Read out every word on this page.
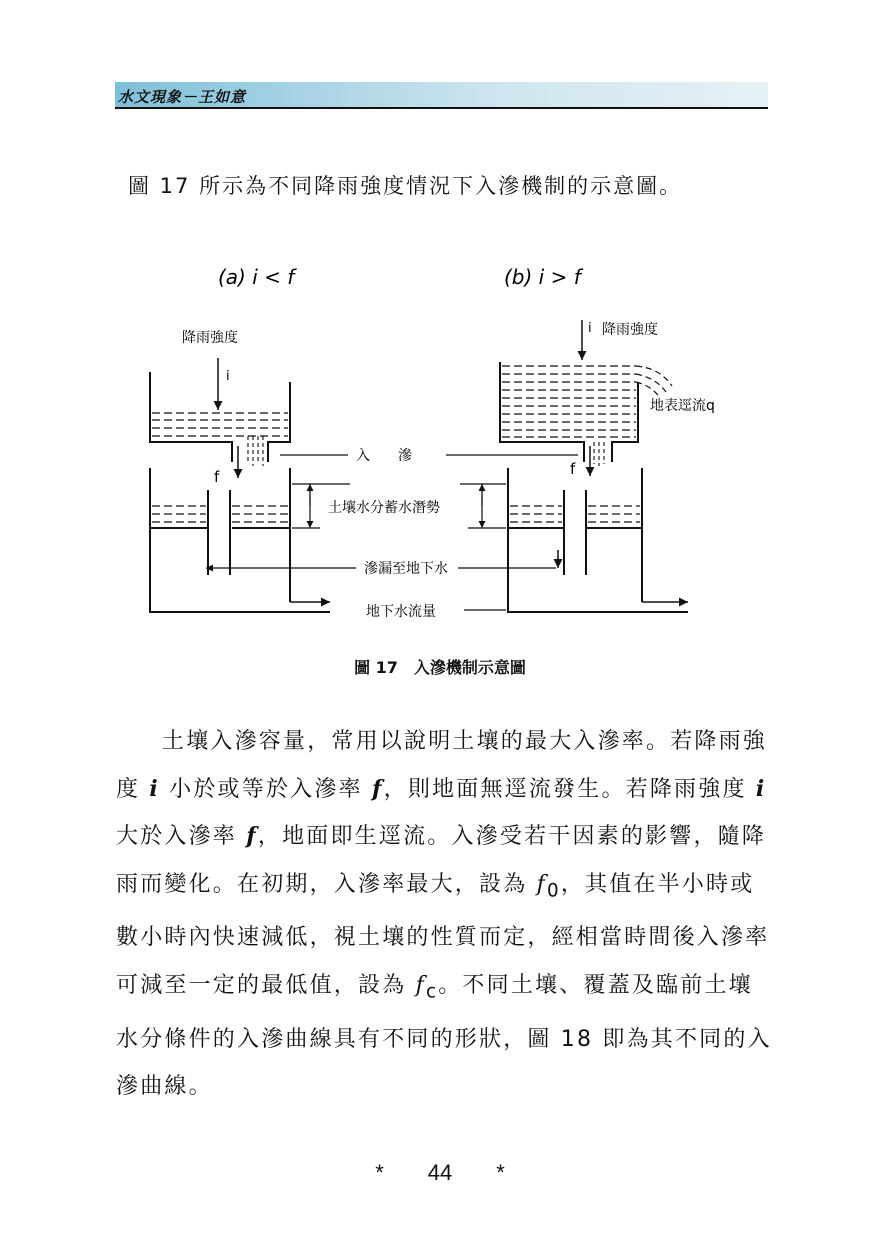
水文現象－王如意
圖 17 所示為不同降雨強度情況下入滲機制的示意圖。
(a) i < f	(b) i > f
降雨強度
i
f
i 降雨強度
地表逕流q
f
入　　滲
土壤水分蓄水潛勢
滲漏至地下水
地下水流量
圖 17　入滲機制示意圖

土壤入滲容量，常用以說明土壤的最大入滲率。若降雨強度 i 小於或等於入滲率 f，則地面無逕流發生。若降雨強度 i 大於入滲率 f，地面即生逕流。入滲受若干因素的影響，隨降雨而變化。在初期，入滲率最大，設為 $f_0$，其值在半小時或數小時內快速減低，視土壤的性質而定，經相當時間後入滲率可減至一定的最低值，設為 $f_c$。不同土壤、覆蓋及臨前土壤水分條件的入滲曲線具有不同的形狀，圖 18 即為其不同的入滲曲線。

* 44 *
